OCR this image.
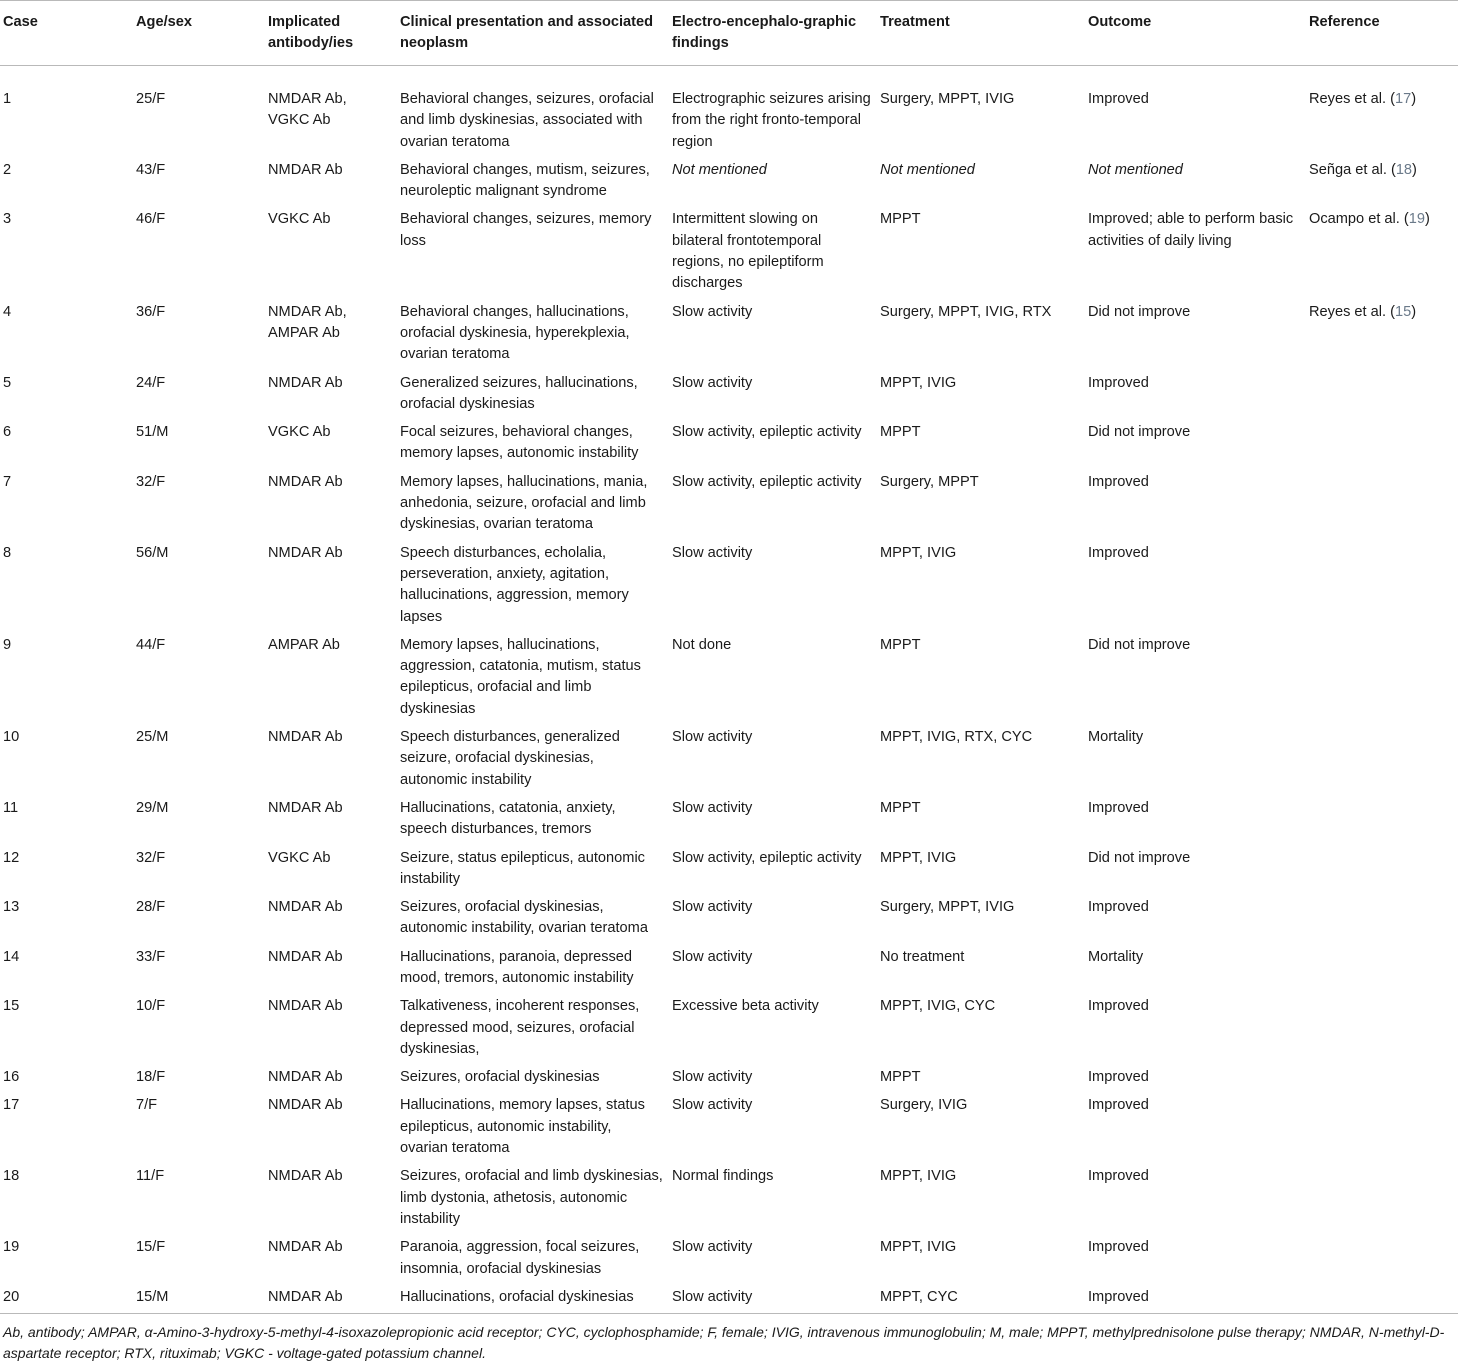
Case	Age/sex	Implicated antibody/ies	Clinical presentation and associated neoplasm	Electro-encephalo-graphic findings	Treatment	Outcome	Reference
1	25/F	NMDAR Ab, VGKC Ab	Behavioral changes, seizures, orofacial and limb dyskinesias, associated with ovarian teratoma	Electrographic seizures arising from the right fronto-temporal region	Surgery, MPPT, IVIG	Improved	Reyes et al. (17)
2	43/F	NMDAR Ab	Behavioral changes, mutism, seizures, neuroleptic malignant syndrome	Not mentioned	Not mentioned	Not mentioned	Señga et al. (18)
3	46/F	VGKC Ab	Behavioral changes, seizures, memory loss	Intermittent slowing on bilateral frontotemporal regions, no epileptiform discharges	MPPT	Improved; able to perform basic activities of daily living	Ocampo et al. (19)
4	36/F	NMDAR Ab, AMPAR Ab	Behavioral changes, hallucinations, orofacial dyskinesia, hyperekplexia, ovarian teratoma	Slow activity	Surgery, MPPT, IVIG, RTX	Did not improve	Reyes et al. (15)
5	24/F	NMDAR Ab	Generalized seizures, hallucinations, orofacial dyskinesias	Slow activity	MPPT, IVIG	Improved	
6	51/M	VGKC Ab	Focal seizures, behavioral changes, memory lapses, autonomic instability	Slow activity, epileptic activity	MPPT	Did not improve	
7	32/F	NMDAR Ab	Memory lapses, hallucinations, mania, anhedonia, seizure, orofacial and limb dyskinesias, ovarian teratoma	Slow activity, epileptic activity	Surgery, MPPT	Improved	
8	56/M	NMDAR Ab	Speech disturbances, echolalia, perseveration, anxiety, agitation, hallucinations, aggression, memory lapses	Slow activity	MPPT, IVIG	Improved	
9	44/F	AMPAR Ab	Memory lapses, hallucinations, aggression, catatonia, mutism, status epilepticus, orofacial and limb dyskinesias	Not done	MPPT	Did not improve	
10	25/M	NMDAR Ab	Speech disturbances, generalized seizure, orofacial dyskinesias, autonomic instability	Slow activity	MPPT, IVIG, RTX, CYC	Mortality	
11	29/M	NMDAR Ab	Hallucinations, catatonia, anxiety, speech disturbances, tremors	Slow activity	MPPT	Improved	
12	32/F	VGKC Ab	Seizure, status epilepticus, autonomic instability	Slow activity, epileptic activity	MPPT, IVIG	Did not improve	
13	28/F	NMDAR Ab	Seizures, orofacial dyskinesias, autonomic instability, ovarian teratoma	Slow activity	Surgery, MPPT, IVIG	Improved	
14	33/F	NMDAR Ab	Hallucinations, paranoia, depressed mood, tremors, autonomic instability	Slow activity	No treatment	Mortality	
15	10/F	NMDAR Ab	Talkativeness, incoherent responses, depressed mood, seizures, orofacial dyskinesias,	Excessive beta activity	MPPT, IVIG, CYC	Improved	
16	18/F	NMDAR Ab	Seizures, orofacial dyskinesias	Slow activity	MPPT	Improved	
17	7/F	NMDAR Ab	Hallucinations, memory lapses, status epilepticus, autonomic instability, ovarian teratoma	Slow activity	Surgery, IVIG	Improved	
18	11/F	NMDAR Ab	Seizures, orofacial and limb dyskinesias, limb dystonia, athetosis, autonomic instability	Normal findings	MPPT, IVIG	Improved	
19	15/F	NMDAR Ab	Paranoia, aggression, focal seizures, insomnia, orofacial dyskinesias	Slow activity	MPPT, IVIG	Improved	
20	15/M	NMDAR Ab	Hallucinations, orofacial dyskinesias	Slow activity	MPPT, CYC	Improved	
Ab, antibody; AMPAR, α-Amino-3-hydroxy-5-methyl-4-isoxazolepropionic acid receptor; CYC, cyclophosphamide; F, female; IVIG, intravenous immunoglobulin; M, male; MPPT, methylprednisolone pulse therapy; NMDAR, N-methyl-D-aspartate receptor; RTX, rituximab; VGKC - voltage-gated potassium channel.
